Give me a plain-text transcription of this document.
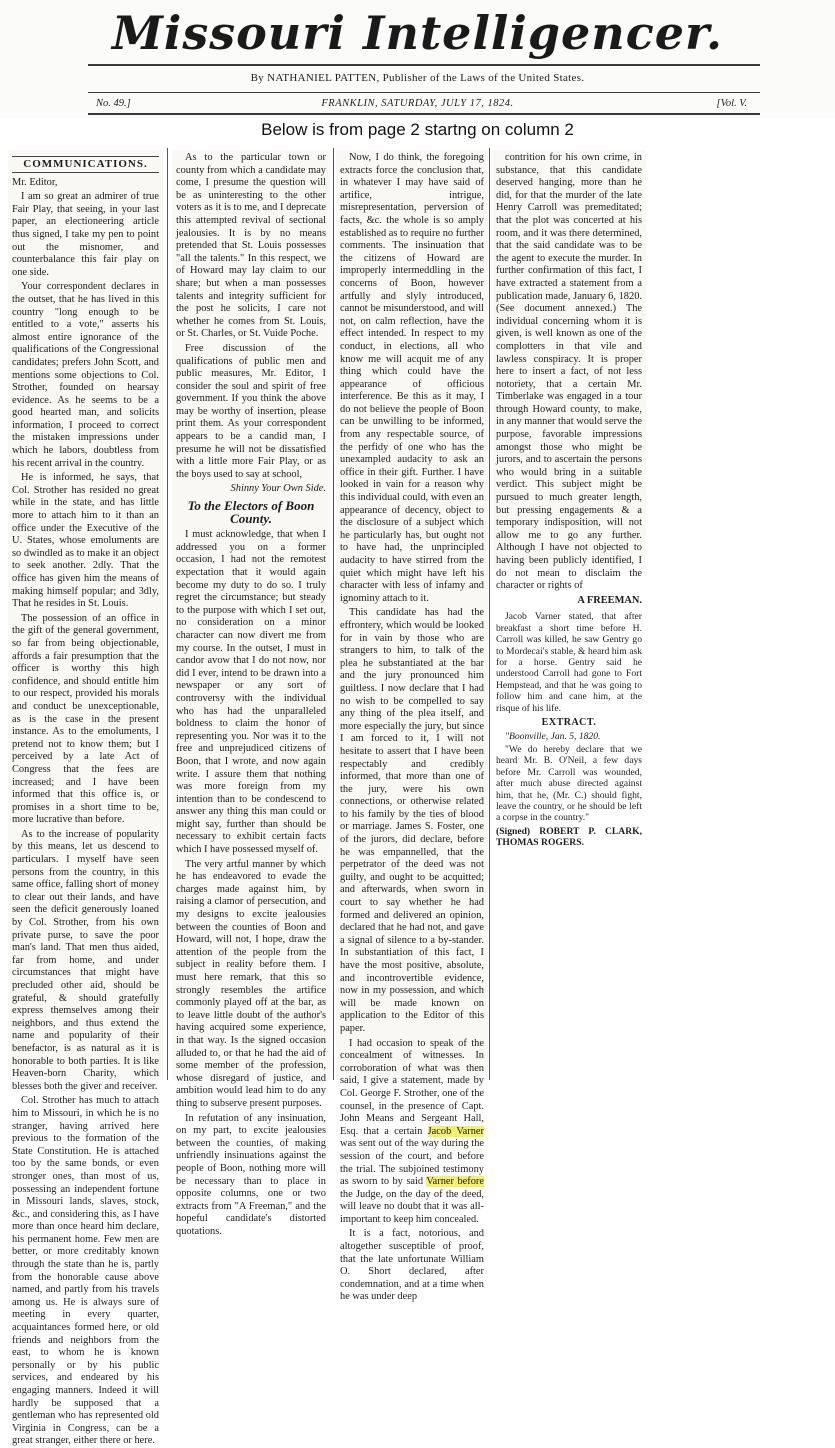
Missouri Intelligencer.
By NATHANIEL PATTEN, Publisher of the Laws of the United States.
FRANKLIN, SATURDAY, JULY 17, 1824.
No. 49.]	[Vol. V.
Below is from page 2 startng on column 2
COMMUNICATIONS.

Mr. Editor,

I am so great an admirer of true Fair Play, that seeing, in your last paper, an electioneering article thus signed, I take my pen to point out the misnomer, and counterbalance this fair play on one side.

Your correspondent declares in the outset, that he has lived in this country "long enough to be entitled to a vote," asserts his almost entire ignorance of the qualifications of the Congressional candidates; prefers John Scott, and mentions some objections to Col. Strother, founded on hearsay evidence. As he seems to be a good hearted man, and solicits information, I proceed to correct the mistaken impressions under which he labors, doubtless from his recent arrival in the country.

He is informed, he says, that Col. Strother has resided no great while in the state, and has little more to attach him to it than an office under the Executive of the U. States, whose emoluments are so dwindled as to make it an object to seek another. 2dly. That the office has given him the means of making himself popular; and 3dly, That he resides in St. Louis.

The possession of an office in the gift of the general government, so far from being objectionable, affords a fair presumption that the officer is worthy this high confidence, and should entitle him to our respect, provided his morals and conduct be unexceptionable, as is the case in the present instance. As to the emoluments, I pretend not to know them; but I perceived by a late Act of Congress that the fees are increased; and I have been informed that this office is, or promises in a short time to be, more lucrative than before.

As to the increase of popularity by this means, let us descend to particulars. I myself have seen persons from the country, in this same office, falling short of money to clear out their lands, and have seen the deficit generously loaned by Col. Strother, from his own private purse, to save the poor man's land. That men thus aided, far from home, and under circumstances that might have precluded other aid, should be grateful, & should gratefully express themselves among their neighbors, and thus extend the name and popularity of their benefactor, is as natural as it is honorable to both parties. It is like Heaven-born Charity, which blesses both the giver and receiver.

Col. Strother has much to attach him to Missouri, in which he is no stranger, having arrived here previous to the formation of the State Constitution. He is attached too by the same bonds, or even stronger ones, than most of us, possessing an independent fortune in Missouri lands, slaves, stock, &c., and considering this, as I have more than once heard him declare, his permanent home. Few men are better, or more creditably known through the state than he is, partly from the honorable cause above named, and partly from his travels among us. He is always sure of meeting in every quarter, acquaintances formed here, or old friends and neighbors from the east, to whom he is known personally or by his public services, and endeared by his engaging manners. Indeed it will hardly be supposed that a gentleman who has represented old Virginia in Congress, can be a great stranger, either there or here.

As to the particular town or county from which a candidate may come, I presume the question will be as uninteresting to the other voters as it is to me, and I deprecate this attempted revival of sectional jealousies. It is by no means pretended that St. Louis possesses "all the talents." In this respect, we of Howard may lay claim to our share; but when a man possesses talents and integrity sufficient for the post he solicits, I care not whether he comes from St. Louis, or St. Charles, or St. Vuide Poche.

Free discussion of the qualifications of public men and public measures, Mr. Editor, I consider the soul and spirit of free government. If you think the above may be worthy of insertion, please print them. As your correspondent appears to be a candid man, I presume he will not be dissatisfied with a little more Fair Play, or as the boys used to say at school,

Shinny Your Own Side.
To the Electors of Boon County.

I must acknowledge, that when I addressed you on a former occasion, I had not the remotest expectation that it would again become my duty to do so. I truly regret the circumstance; but steady to the purpose with which I set out, no consideration on a minor character can now divert me from my course. In the outset, I must in candor avow that I do not now, nor did I ever, intend to be drawn into a newspaper or any sort of controversy with the individual who has had the unparalleled boldness to claim the honor of representing you. Nor was it to the free and unprejudiced citizens of Boon, that I wrote, and now again write. I assure them that nothing was more foreign from my intention than to be condescend to answer any thing this man could or might say, further than should be necessary to exhibit certain facts which I have possessed myself of.

The very artful manner by which he has endeavored to evade the charges made against him, by raising a clamor of persecution, and my designs to excite jealousies between the counties of Boon and Howard, will not, I hope, draw the attention of the people from the subject in reality before them. I must here remark, that this so strongly resembles the artifice commonly played off at the bar, as to leave little doubt of the author's having acquired some experience, in that way. Is the signed occasion alluded to, or that he had the aid of some member of the profession, whose disregard of justice, and ambition would lead him to do any thing to subserve present purposes.

In refutation of any insinuation, on my part, to excite jealousies between the counties, of making unfriendly insinuations against the people of Boon, nothing more will be necessary than to place in opposite columns, one or two extracts from "A Freeman," and the hopeful candidate's distorted quotations.

Now, I do think, the foregoing extracts force the conclusion that, in whatever I may have said of artifice, intrigue, misrepresentation, perversion of facts, &c. the whole is so amply established as to require no further comments. The insinuation that the citizens of Howard are improperly intermeddling in the concerns of Boon, however artfully and slyly introduced, cannot be misunderstood, and will not, on calm reflection, have the effect intended. In respect to my conduct, in elections, all who know me will acquit me of any thing which could have the appearance of officious interference. Be this as it may, I do not believe the people of Boon can be unwilling to be informed, from any respectable source, of the perfidy of one who has the unexampled audacity to ask an office in their gift. Further. I have looked in vain for a reason why this individual could, with even an appearance of decency, object to the disclosure of a subject which he particularly has, but ought not to have had, the unprincipled audacity to have stirred from the quiet which might have left his character with less of infamy and ignominy attach to it.

This candidate has had the effrontery, which would be looked for in vain by those who are strangers to him, to talk of the plea he substantiated at the bar and the jury pronounced him guiltless. I now declare that I had no wish to be compelled to say any thing of the plea itself, and more especially the jury, but since I am forced to it, I will not hesitate to assert that I have been respectably and credibly informed, that more than one of the jury, were his own connections, or otherwise related to his family by the ties of blood or marriage. James S. Foster, one of the jurors, did declare, before he was empannelled, that the perpetrator of the deed was not guilty, and ought to be acquitted; and afterwards, when sworn in court to say whether he had formed and delivered an opinion, declared that he had not, and gave a signal of silence to a by-stander. In substantiation of this fact, I have the most positive, absolute, and incontrovertible evidence, now in my possession, and which will be made known on application to the Editor of this paper.

I had occasion to speak of the concealment of witnesses. In corroboration of what was then said, I give a statement, made by Col. George F. Strother, one of the counsel, in the presence of Capt. John Means and Sergeant Hall, Esq. that a certain Jacob Varner was sent out of the way during the session of the court, and before the trial. The subjoined testimony as sworn to by said Varner before the Judge, on the day of the deed, will leave no doubt that it was all-important to keep him concealed.

It is a fact, notorious, and altogether susceptible of proof, that the late unfortunate William O. Short declared, after condemnation, and at a time when he was under deep

contrition for his own crime, in substance, that this candidate deserved hanging, more than he did, for that the murder of the late Henry Carroll was premeditated; that the plot was concerted at his room, and it was there determined, that the said candidate was to be the agent to execute the murder. In further confirmation of this fact, I have extracted a statement from a publication made, January 6, 1820. (See document annexed.) The individual concerning whom it is given, is well known as one of the complotters in that vile and lawless conspiracy. It is proper here to insert a fact, of not less notoriety, that a certain Mr. Timberlake was engaged in a tour through Howard county, to make, in any manner that would serve the purpose, favorable impressions amongst those who might be jurors, and to ascertain the persons who would bring in a suitable verdict. This subject might be pursued to much greater length, but pressing engagements & a temporary indisposition, will not allow me to go any further. Although I have not objected to having been publicly identified, I do not mean to disclaim the character or rights of

A FREEMAN.

Jacob Varner stated, that after breakfast a short time before H. Carroll was killed, he saw Gentry go to Mordecai's stable, & heard him ask for a horse. Gentry said he understood Carroll had gone to Fort Hempstead, and that he was going to follow him and cane him, at the risque of his life.

EXTRACT.

"Boonville, Jan. 5, 1820.

"We do hereby declare that we heard Mr. B. O'Neil, a few days before Mr. Carroll was wounded, after much abuse directed against him, that he, (Mr. C.) should fight, leave the country, or he should be left a corpse in the country."

(Signed) ROBERT P. CLARK, THOMAS ROGERS.
